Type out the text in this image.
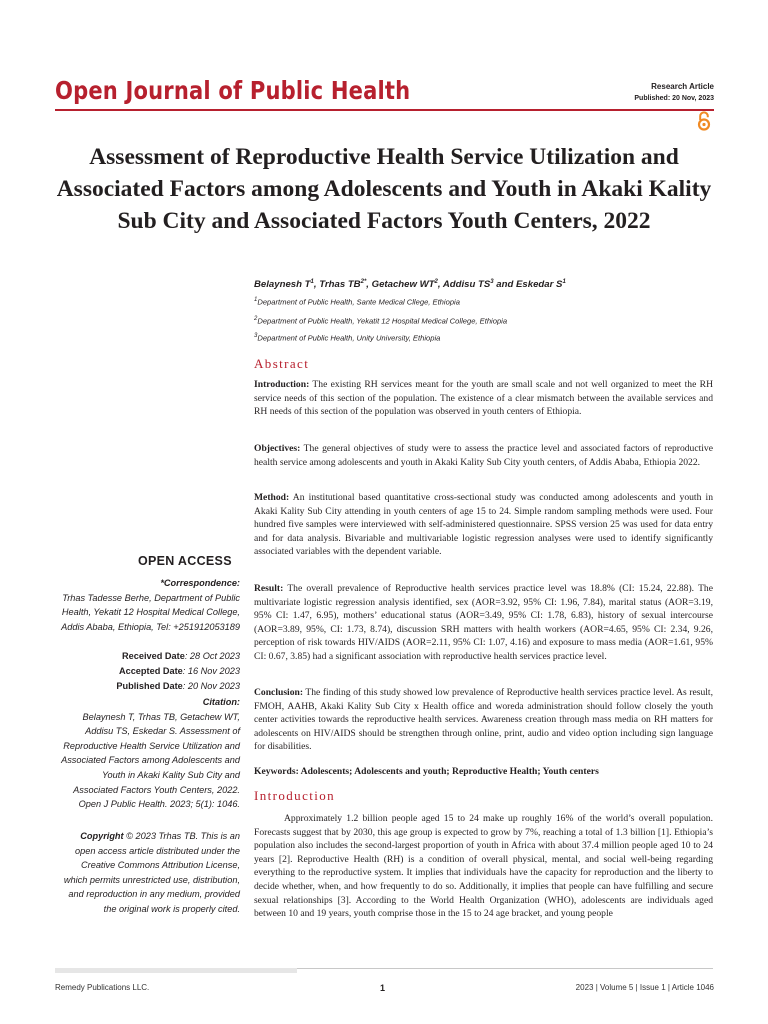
Open Journal of Public Health	Research Article
Published: 20 Nov, 2023
Assessment of Reproductive Health Service Utilization and Associated Factors among Adolescents and Youth in Akaki Kality Sub City and Associated Factors Youth Centers, 2022
Belaynesh $T^1$, Trhas $TB^{2*}$, Getachew $WT^2$, Addisu $TS^3$ and Eskedar $S^1$
$^1$Department of Public Health, Sante Medical Cllege, Ethiopia
$^2$Department of Public Health, Yekatit 12 Hospital Medical College, Ethiopia
$^3$Department of Public Health, Unity University, Ethiopia
Abstract
Introduction: The existing RH services meant for the youth are small scale and not well organized to meet the RH service needs of this section of the population. The existence of a clear mismatch between the available services and RH needs of this section of the population was observed in youth centers of Ethiopia.
Objectives: The general objectives of study were to assess the practice level and associated factors of reproductive health service among adolescents and youth in Akaki Kality Sub City youth centers, of Addis Ababa, Ethiopia 2022.
Method: An institutional based quantitative cross-sectional study was conducted among adolescents and youth in Akaki Kality Sub City attending in youth centers of age 15 to 24. Simple random sampling methods were used. Four hundred five samples were interviewed with self-administered questionnaire. SPSS version 25 was used for data entry and for data analysis. Bivariable and multivariable logistic regression analyses were used to identify significantly associated variables with the dependent variable.
Result: The overall prevalence of Reproductive health services practice level was 18.8% (CI: 15.24, 22.88). The multivariate logistic regression analysis identified, sex (AOR=3.92, 95% CI: 1.96, 7.84), marital status (AOR=3.19, 95% CI: 1.47, 6.95), mothers’ educational status (AOR=3.49, 95% CI: 1.78, 6.83), history of sexual intercourse (AOR=3.89, 95%, CI: 1.73, 8.74), discussion SRH matters with health workers (AOR=4.65, 95% CI: 2.34, 9.26, perception of risk towards HIV/AIDS (AOR=2.11, 95% CI: 1.07, 4.16) and exposure to mass media (AOR=1.61, 95% CI: 0.67, 3.85) had a significant association with reproductive health services practice level.
Conclusion: The finding of this study showed low prevalence of Reproductive health services practice level. As result, FMOH, AAHB, Akaki Kality Sub City x Health office and woreda administration should follow closely the youth center activities towards the reproductive health services. Awareness creation through mass media on RH matters for adolescents on HIV/AIDS should be strengthen through online, print, audio and video option including sign language for disabilities.
Keywords: Adolescents; Adolescents and youth; Reproductive Health; Youth centers
Introduction
Approximately 1.2 billion people aged 15 to 24 make up roughly 16% of the world’s overall population. Forecasts suggest that by 2030, this age group is expected to grow by 7%, reaching a total of 1.3 billion [1]. Ethiopia’s population also includes the second-largest proportion of youth in Africa with about 37.4 million people aged 10 to 24 years [2]. Reproductive Health (RH) is a condition of overall physical, mental, and social well-being regarding everything to the reproductive system. It implies that individuals have the capacity for reproduction and the liberty to decide whether, when, and how frequently to do so. Additionally, it implies that people can have fulfilling and secure sexual relationships [3]. According to the World Health Organization (WHO), adolescents are individuals aged between 10 and 19 years, youth comprise those in the 15 to 24 age bracket, and young people
OPEN ACCESS
*Correspondence:
Trhas Tadesse Berhe, Department of Public Health, Yekatit 12 Hospital Medical College, Addis Ababa, Ethiopia, Tel: +251912053189
Received Date: 28 Oct 2023
Accepted Date: 16 Nov 2023
Published Date: 20 Nov 2023
Citation:
Belaynesh T, Trhas TB, Getachew WT, Addisu TS, Eskedar S. Assessment of Reproductive Health Service Utilization and Associated Factors among Adolescents and Youth in Akaki Kality Sub City and Associated Factors Youth Centers, 2022. Open J Public Health. 2023; 5(1): 1046.
Copyright © 2023 Trhas TB. This is an open access article distributed under the Creative Commons Attribution License, which permits unrestricted use, distribution, and reproduction in any medium, provided the original work is properly cited.
Remedy Publications LLC.	1	2023 | Volume 5 | Issue 1 | Article 1046
